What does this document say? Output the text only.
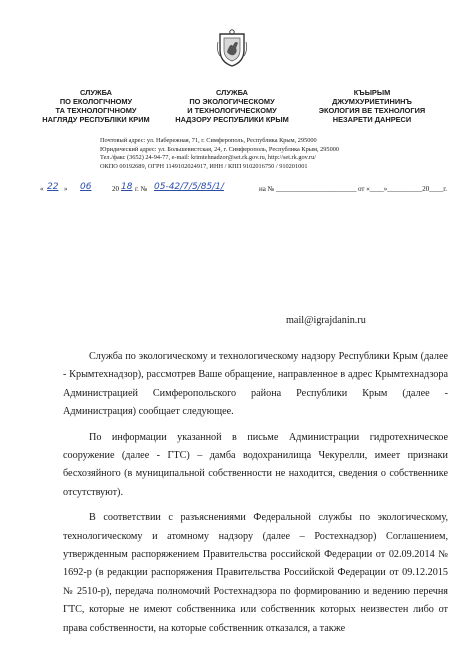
СЛУЖБА
ПО ЕКОЛОГІЧНОМУ
ТА ТЕХНОЛОГІЧНОМУ
НАГЛЯДУ РЕСПУБЛІКИ КРИМ
СЛУЖБА
ПО ЭКОЛОГИЧЕСКОМУ
И ТЕХНОЛОГИЧЕСКОМУ
НАДЗОРУ РЕСПУБЛИКИ КРЫМ
КЪЫРЫМ
ДЖУМХУРИЕТИНИНЪ
ЭКОЛОГИЯ ВЕ ТЕХНОЛОГИЯ
НЕЗАРЕТИ ДАНРЕСИ
Почтовый адрес: ул. Набережная, 71, г. Симферополь, Республика Крым, 295000
Юридический адрес: ул. Большевистская, 24, г. Симферополь, Республика Крым, 295000
Тел./факс (3652) 24-94-77, e-mail: krimtehnadzor@set.rk.gov.ru, http://set.rk.gov.ru/
ОКПО 00192689, ОГРН 1149102024917, ИНН / КПП 9102016750 / 910201001
« 22 » 06	20 18 г. № 05-42/7/5/85/1/	на № _______________________ от «____»__________20____г.
mail@igrajdanin.ru

Служба по экологическому и технологическому надзору Республики Крым (далее - Крымтехнадзор), рассмотрев Ваше обращение, направленное в адрес Крымтехнадзора Администрацией Симферопольского района Республики Крым (далее - Администрация) сообщает следующее.

По информации указанной в письме Администрации гидротехническое сооружение (далее - ГТС) – дамба водохранилища Чекурелли, имеет признаки бесхозяйного (в муниципальной собственности не находится, сведения о собственнике отсутствуют).

В соответствии с разъяснениями Федеральной службы по экологическому, технологическому и атомному надзору (далее – Ростехнадзор) Соглашением, утвержденным распоряжением Правительства российской Федерации от 02.09.2014 № 1692-р (в редакции распоряжения Правительства Российской Федерации от 09.12.2015 № 2510-р), передача полномочий Ростехнадзора по формированию и ведению перечня ГТС, которые не имеют собственника или собственник которых неизвестен либо от права собственности, на которые собственник отказался, а также
